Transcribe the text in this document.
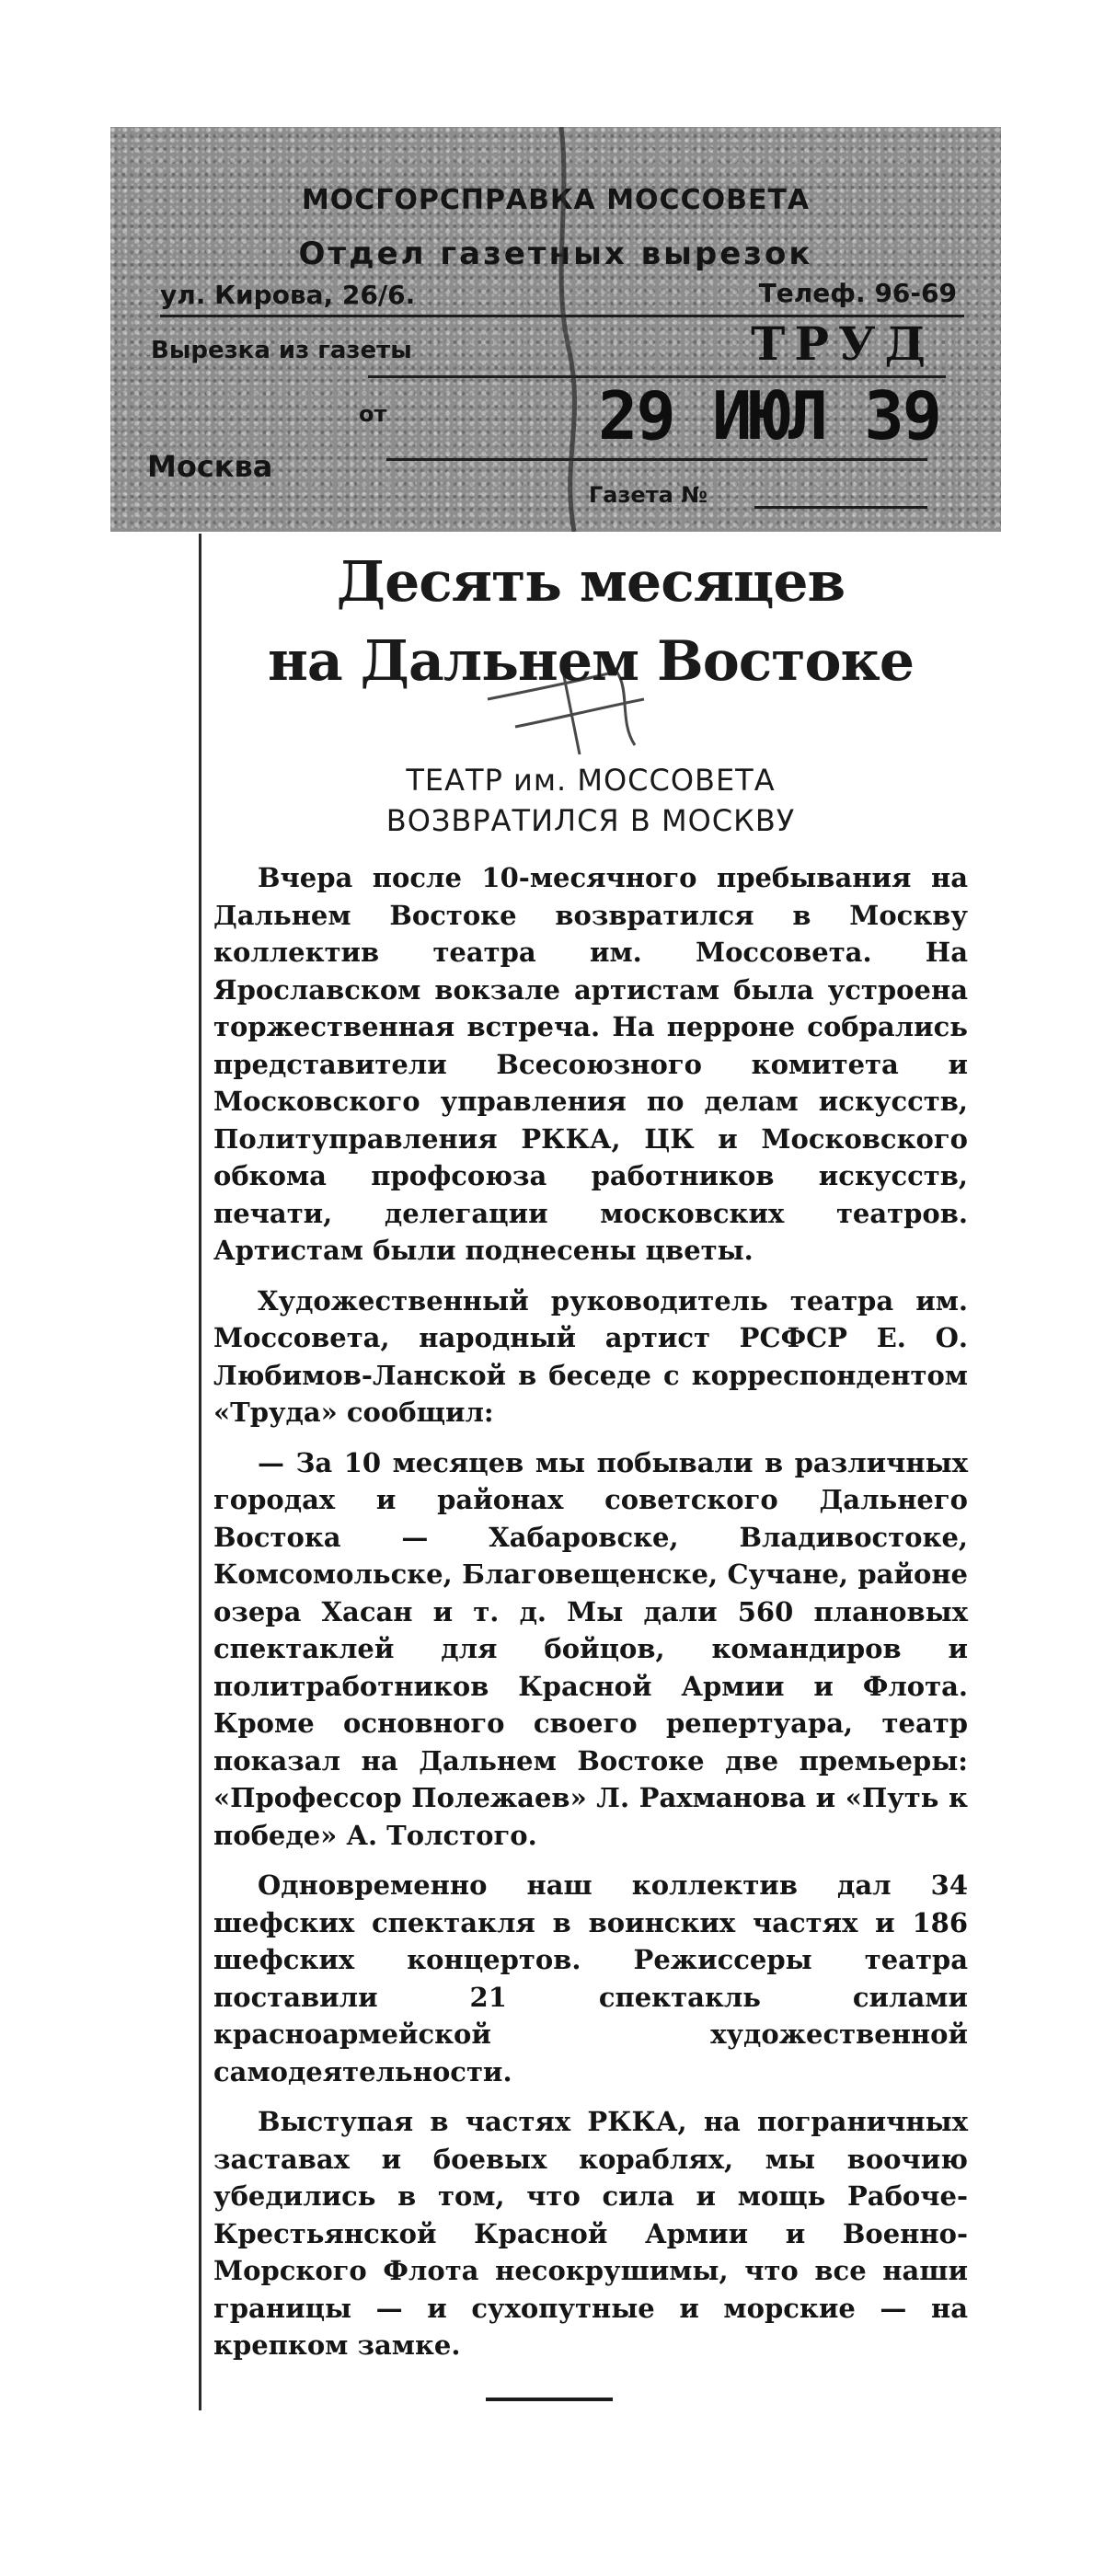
МОСГОРСПРАВКА МОССОВЕТА
Отдел газетных вырезок
ул. Кирова, 26/6.	Телеф. 96-69
Вырезка из газеты	ТРУД
от	29 ИЮЛ 39
Москва
Газета №
Десять месяцев
на Дальнем Востоке
ТЕАТР им. МОССОВЕТА
ВОЗВРАТИЛСЯ В МОСКВУ

Вчера после 10-месячного пребывания на Дальнем Востоке возвратился в Москву коллектив театра им. Моссовета. На Ярославском вокзале артистам была устроена торжественная встреча. На перроне собрались представители Всесоюзного комитета и Московского управления по делам искусств, Политуправления РККА, ЦК и Московского обкома профсоюза работников искусств, печати, делегации московских театров. Артистам были поднесены цветы.

Художественный руководитель театра им. Моссовета, народный артист РСФСР Е. О. Любимов-Ланской в беседе с корреспондентом «Труда» сообщил:

— За 10 месяцев мы побывали в различных городах и районах советского Дальнего Востока — Хабаровске, Владивостоке, Комсомольске, Благовещенске, Сучане, районе озера Хасан и т. д. Мы дали 560 плановых спектаклей для бойцов, командиров и политработников Красной Армии и Флота. Кроме основного своего репертуара, театр показал на Дальнем Востоке две премьеры: «Профессор Полежаев» Л. Рахманова и «Путь к победе» А. Толстого.

Одновременно наш коллектив дал 34 шефских спектакля в воинских частях и 186 шефских концертов. Режиссеры театра поставили 21 спектакль силами красноармейской художественной самодеятельности.

Выступая в частях РККА, на пограничных заставах и боевых кораблях, мы воочию убедились в том, что сила и мощь Рабоче-Крестьянской Красной Армии и Военно-Морского Флота несокрушимы, что все наши границы — и сухопутные и морские — на крепком замке.
